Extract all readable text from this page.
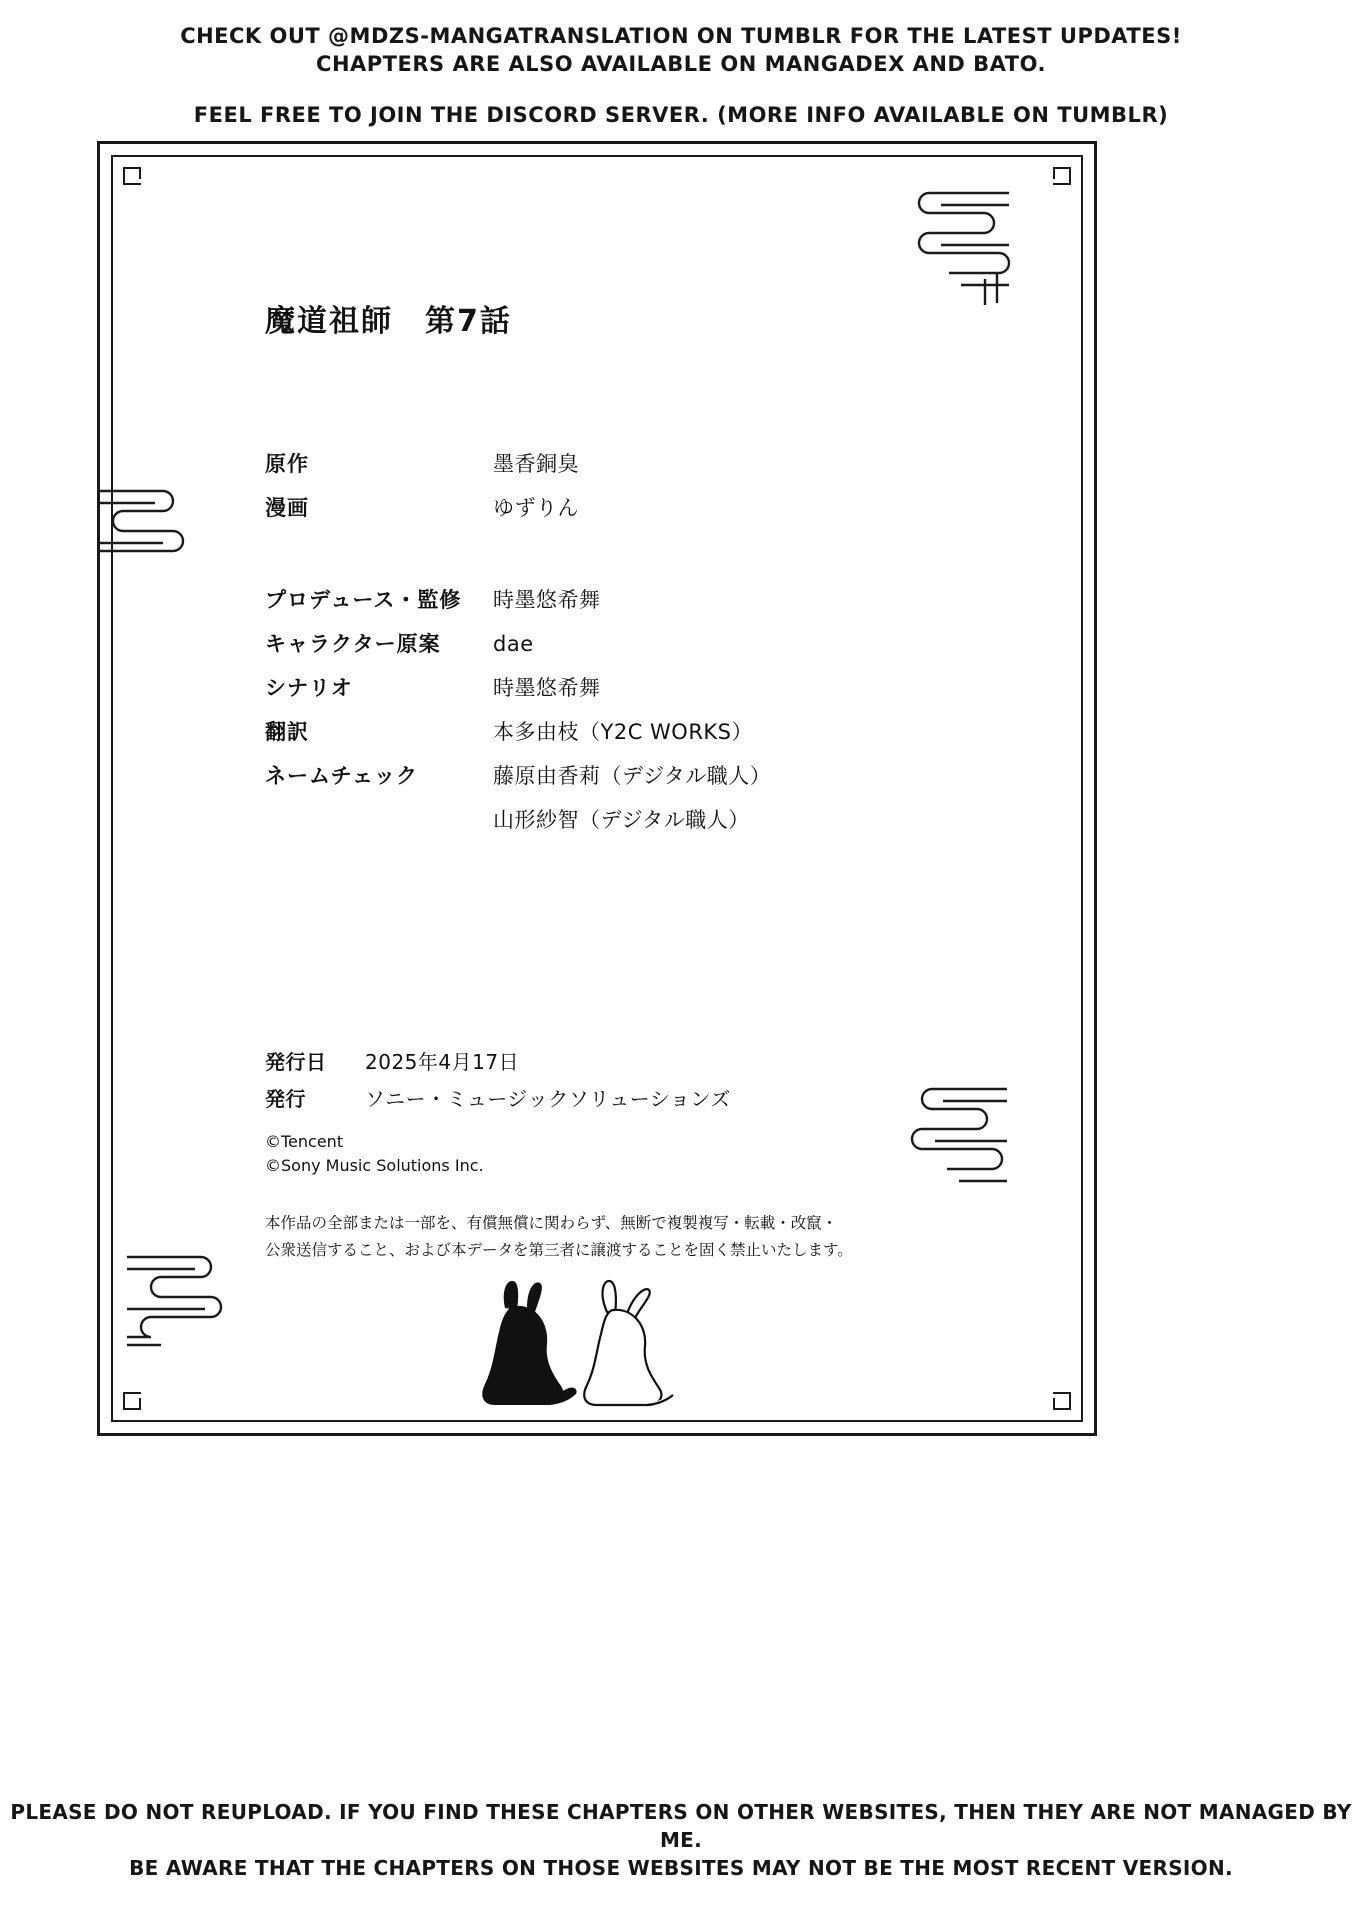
CHECK OUT @MDZS-MANGATRANSLATION ON TUMBLR FOR THE LATEST UPDATES!
CHAPTERS ARE ALSO AVAILABLE ON MANGADEX AND BATO.
FEEL FREE TO JOIN THE DISCORD SERVER. (MORE INFO AVAILABLE ON TUMBLR)
魔道祖師　第7話
原作	墨香銅臭
漫画	ゆずりん
プロデュース・監修	時墨悠希舞
キャラクター原案	dae
シナリオ	時墨悠希舞
翻訳	本多由枝（Y2C WORKS）
ネームチェック	藤原由香莉（デジタル職人）
山形紗智（デジタル職人）
発行日	2025年4月17日
発行	ソニー・ミュージックソリューションズ
©Tencent
©Sony Music Solutions Inc.
本作品の全部または一部を、有償無償に関わらず、無断で複製複写・転載・改竄・
公衆送信すること、および本データを第三者に譲渡することを固く禁止いたします。
PLEASE DO NOT REUPLOAD. IF YOU FIND THESE CHAPTERS ON OTHER WEBSITES, THEN THEY ARE NOT MANAGED BY ME.
BE AWARE THAT THE CHAPTERS ON THOSE WEBSITES MAY NOT BE THE MOST RECENT VERSION.
